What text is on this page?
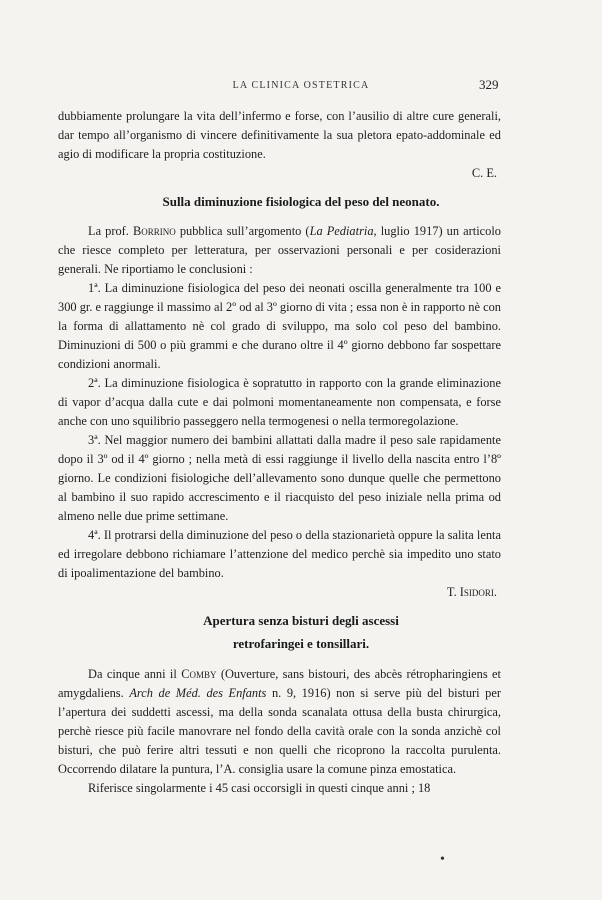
LA CLINICA OSTETRICA	329

dubbiamente prolungare la vita dell’infermo e forse, con l’ausilio di altre cure generali, dar tempo all’organismo di vincere definitivamente la sua pletora epato-addominale ed agio di modificare la propria costituzione.

C. E.

Sulla diminuzione fisiologica del peso del neonato.

La prof. Borrino pubblica sull’argomento (La Pediatria, luglio 1917) un articolo che riesce completo per letteratura, per osservazioni personali e per cosiderazioni generali. Ne riportiamo le conclusioni :

1ª. La diminuzione fisiologica del peso dei neonati oscilla generalmente tra 100 e 300 gr. e raggiunge il massimo al 2º od al 3º giorno di vita ; essa non è in rapporto nè con la forma di allattamento nè col grado di sviluppo, ma solo col peso del bambino. Diminuzioni di 500 o più grammi e che durano oltre il 4º giorno debbono far sospettare condizioni anormali.

2ª. La diminuzione fisiologica è sopratutto in rapporto con la grande eliminazione di vapor d’acqua dalla cute e dai polmoni momentaneamente non compensata, e forse anche con uno squilibrio passeggero nella termogenesi o nella termoregolazione.

3ª. Nel maggior numero dei bambini allattati dalla madre il peso sale rapidamente dopo il 3º od il 4º giorno ; nella metà di essi raggiunge il livello della nascita entro l’8º giorno. Le condizioni fisiologiche dell’allevamento sono dunque quelle che permettono al bambino il suo rapido accrescimento e il riacquisto del peso iniziale nella prima od almeno nelle due prime settimane.

4ª. Il protrarsi della diminuzione del peso o della stazionarietà oppure la salita lenta ed irregolare debbono richiamare l’attenzione del medico perchè sia impedito uno stato di ipoalimentazione del bambino.

T. Isidori.

Apertura senza bisturi degli ascessi
retrofaringei e tonsillari.

Da cinque anni il Comby (Ouverture, sans bistouri, des abcès rétropharingiens et amygdaliens. Arch de Méd. des Enfants n. 9, 1916) non si serve più del bisturi per l’apertura dei suddetti ascessi, ma della sonda scanalata ottusa della busta chirurgica, perchè riesce più facile manovrare nel fondo della cavità orale con la sonda anzichè col bisturi, che può ferire altri tessuti e non quelli che ricoprono la raccolta purulenta. Occorrendo dilatare la puntura, l’A. consiglia usare la comune pinza emostatica.

Riferisce singolarmente i 45 casi occorsigli in questi cinque anni ; 18

•
